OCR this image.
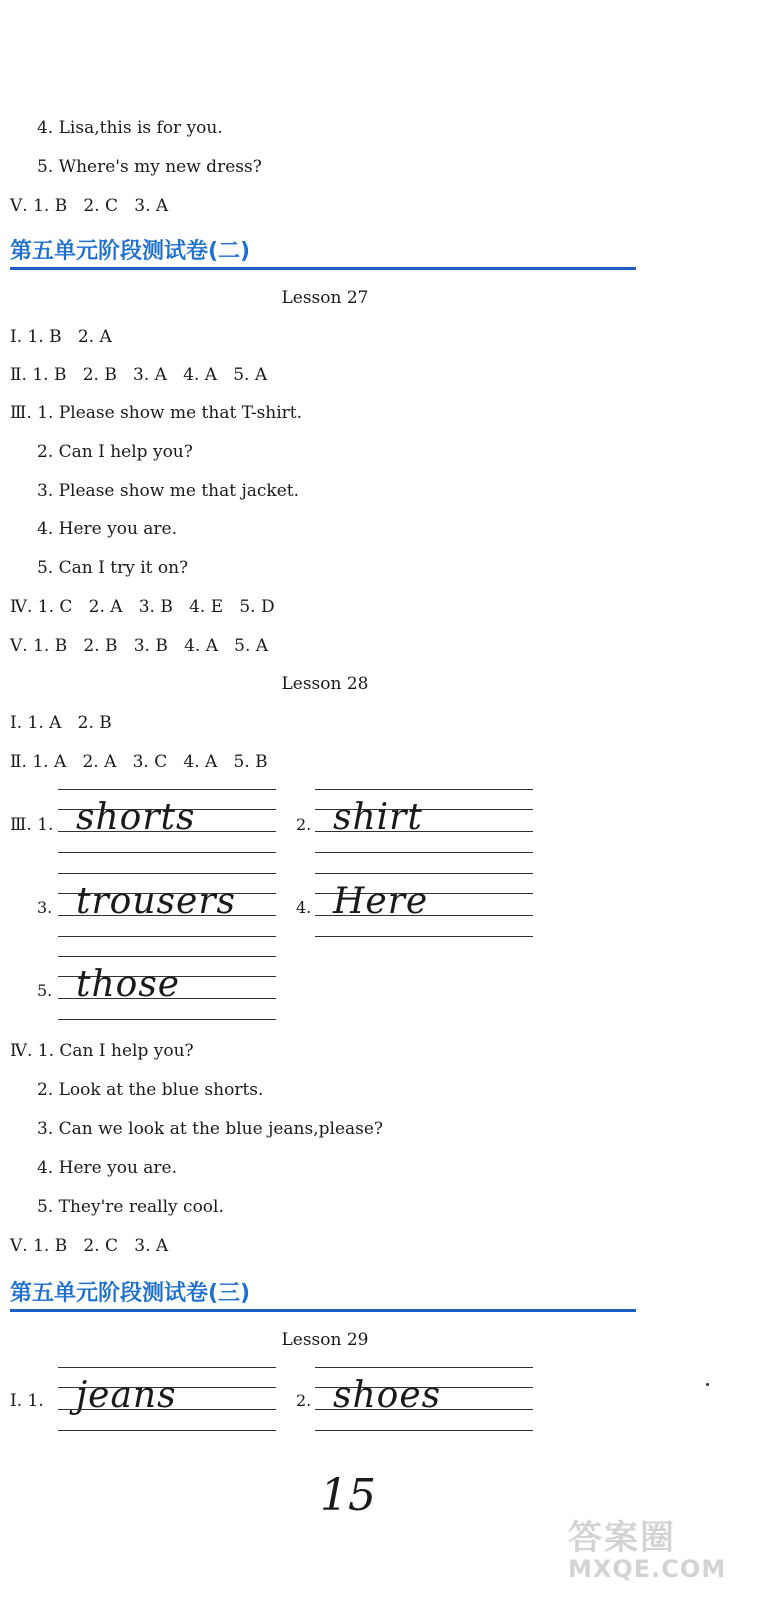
4. Lisa,this is for you.
5. Where's my new dress?
Ⅴ. 1. B   2. C   3. A
第五单元阶段测试卷(二)
Lesson 27
Ⅰ. 1. B   2. A
Ⅱ. 1. B   2. B   3. A   4. A   5. A
Ⅲ. 1. Please show me that T-shirt.
2. Can I help you?
3. Please show me that jacket.
4. Here you are.
5. Can I try it on?
Ⅳ. 1. C   2. A   3. B   4. E   5. D
Ⅴ. 1. B   2. B   3. B   4. A   5. A
Lesson 28
Ⅰ. 1. A   2. B
Ⅱ. 1. A   2. A   3. C   4. A   5. B
Ⅲ. 1. shorts	2. shirt
3. trousers	4. Here
5. those
Ⅳ. 1. Can I help you?
2. Look at the blue shorts.
3. Can we look at the blue jeans,please?
4. Here you are.
5. They're really cool.
Ⅴ. 1. B   2. C   3. A
第五单元阶段测试卷(三)
Lesson 29
Ⅰ. 1. jeans	2. shoes
15
答案圈
MXQE.COM
